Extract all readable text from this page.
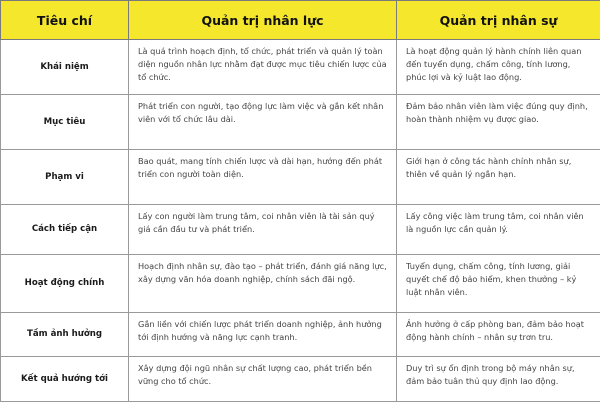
Tiêu chí	Quản trị nhân lực	Quản trị nhân sự
Khái niệm	Là quá trình hoạch định, tổ chức, phát triển và quản lý toàn diện nguồn nhân lực nhằm đạt được mục tiêu chiến lược của tổ chức.	Là hoạt động quản lý hành chính liên quan đến tuyển dụng, chấm công, tính lương, phúc lợi và kỷ luật lao động.
Mục tiêu	Phát triển con người, tạo động lực làm việc và gắn kết nhân viên với tổ chức lâu dài.	Đảm bảo nhân viên làm việc đúng quy định, hoàn thành nhiệm vụ được giao.
Phạm vi	Bao quát, mang tính chiến lược và dài hạn, hướng đến phát triển con người toàn diện.	Giới hạn ở công tác hành chính nhân sự, thiên về quản lý ngắn hạn.
Cách tiếp cận	Lấy con người làm trung tâm, coi nhân viên là tài sản quý giá cần đầu tư và phát triển.	Lấy công việc làm trung tâm, coi nhân viên là nguồn lực cần quản lý.
Hoạt động chính	Hoạch định nhân sự, đào tạo – phát triển, đánh giá năng lực, xây dựng văn hóa doanh nghiệp, chính sách đãi ngộ.	Tuyển dụng, chấm công, tính lương, giải quyết chế độ bảo hiểm, khen thưởng – kỷ luật nhân viên.
Tầm ảnh hưởng	Gắn liền với chiến lược phát triển doanh nghiệp, ảnh hưởng tới định hướng và năng lực cạnh tranh.	Ảnh hưởng ở cấp phòng ban, đảm bảo hoạt động hành chính – nhân sự trơn tru.
Kết quả hướng tới	Xây dựng đội ngũ nhân sự chất lượng cao, phát triển bền vững cho tổ chức.	Duy trì sự ổn định trong bộ máy nhân sự, đảm bảo tuân thủ quy định lao động.
